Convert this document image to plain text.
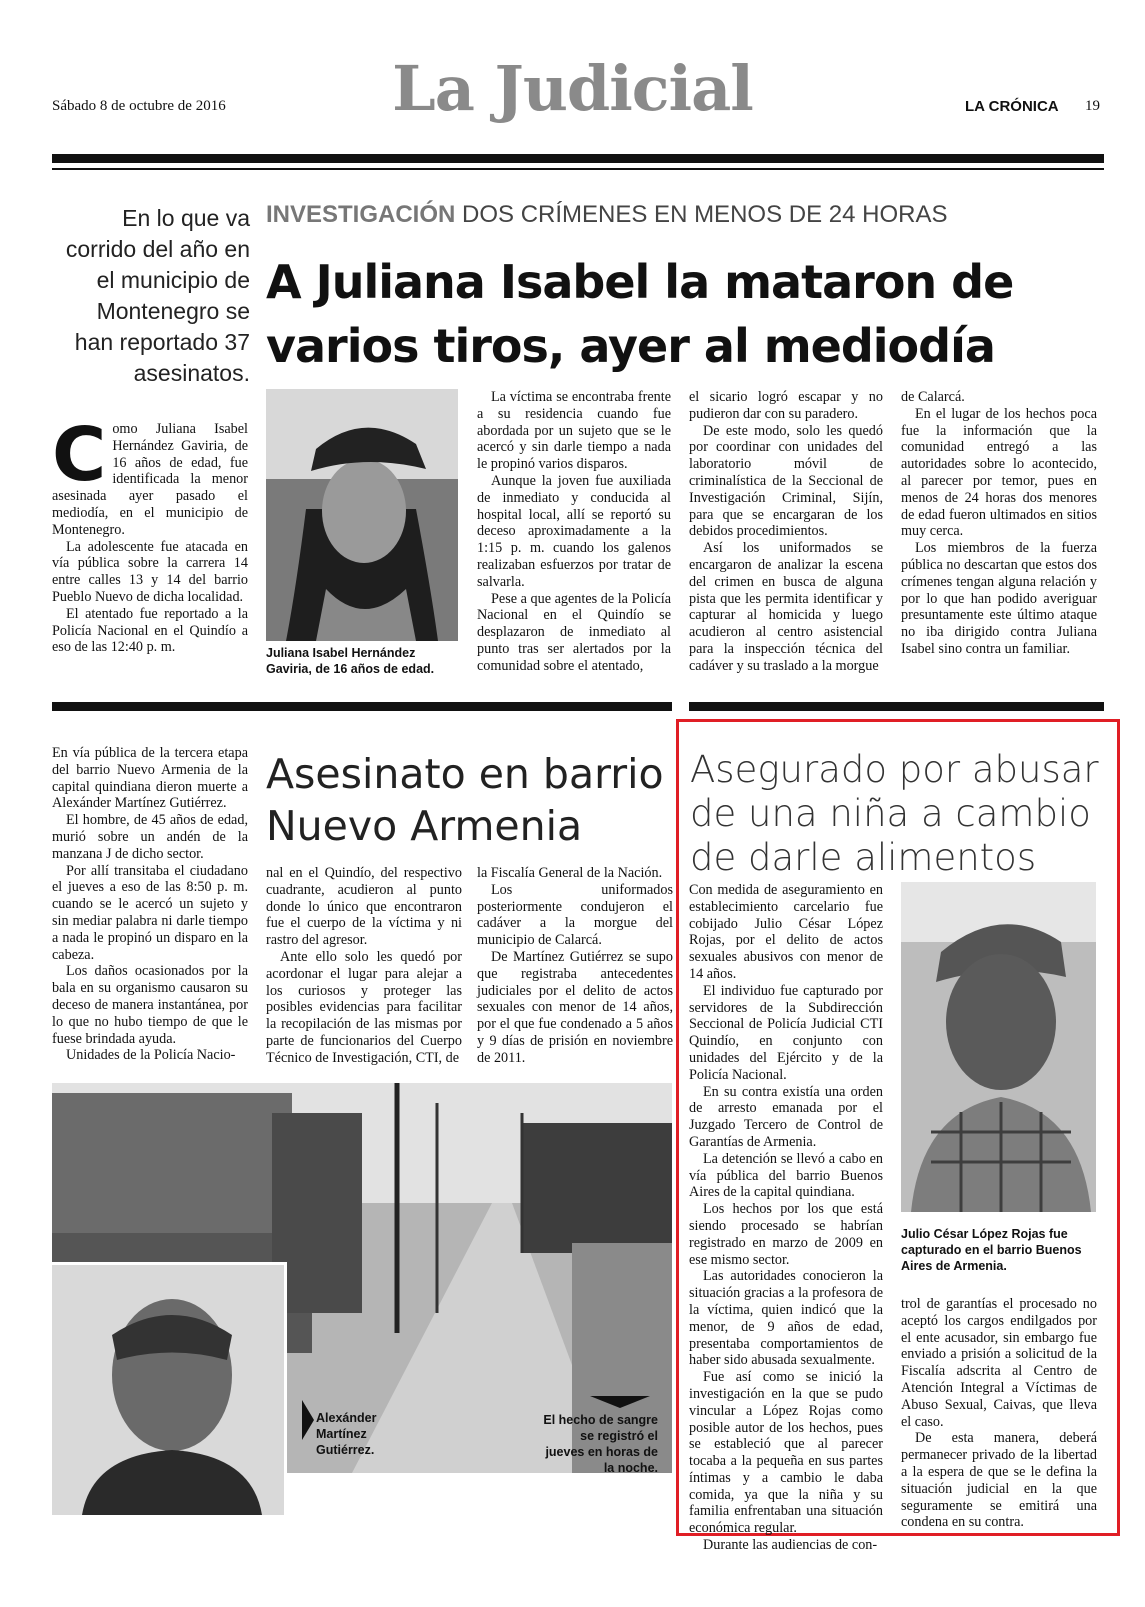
Sábado 8 de octubre de 2016	La Judicial	LA CRÓNICA 19
En lo que va corrido del año en el municipio de Montenegro se han reportado 37 asesinatos.
INVESTIGACIÓN DOS CRÍMENES EN MENOS DE 24 HORAS
A Juliana Isabel la mataron de varios tiros, ayer al mediodía
C omo Juliana Isabel Hernández Gaviria, de 16 años de edad, fue identificada la menor asesinada ayer pasado el mediodía, en el municipio de Montenegro.

La adolescente fue atacada en vía pública sobre la carrera 14 entre calles 13 y 14 del barrio Pueblo Nuevo de dicha localidad.

El atentado fue reportado a la Policía Nacional en el Quindío a eso de las 12:40 p. m.	Juliana Isabel Hernández Gaviria, de 16 años de edad.

La víctima se encontraba frente a su residencia cuando fue abordada por un sujeto que se le acercó y sin darle tiempo a nada le propinó varios disparos.

Aunque la joven fue auxiliada de inmediato y conducida al hospital local, allí se reportó su deceso aproximadamente a la 1:15 p. m. cuando los galenos realizaban esfuerzos por tratar de salvarla.

Pese a que agentes de la Policía Nacional en el Quindío se desplazaron de inmediato al punto tras ser alertados por la comunidad sobre el atentado,

el sicario logró escapar y no pudieron dar con su paradero.

De este modo, solo les quedó por coordinar con unidades del laboratorio móvil de criminalística de la Seccional de Investigación Criminal, Sijín, para que se encargaran de los debidos procedimientos.

Así los uniformados se encargaron de analizar la escena del crimen en busca de alguna pista que les permita identificar y capturar al homicida y luego acudieron al centro asistencial para la inspección técnica del cadáver y su traslado a la morgue

de Calarcá.

En el lugar de los hechos poca fue la información que la comunidad entregó a las autoridades sobre lo acontecido, al parecer por temor, pues en menos de 24 horas dos menores de edad fueron ultimados en sitios muy cerca.

Los miembros de la fuerza pública no descartan que estos dos crímenes tengan alguna relación y por lo que han podido averiguar presuntamente este último ataque no iba dirigido contra Juliana Isabel sino contra un familiar.

En vía pública de la tercera etapa del barrio Nuevo Armenia de la capital quindiana dieron muerte a Alexánder Martínez Gutiérrez.

El hombre, de 45 años de edad, murió sobre un andén de la manzana J de dicho sector.

Por allí transitaba el ciudadano el jueves a eso de las 8:50 p. m. cuando se le acercó un sujeto y sin mediar palabra ni darle tiempo a nada le propinó un disparo en la cabeza.

Los daños ocasionados por la bala en su organismo causaron su deceso de manera instantánea, por lo que no hubo tiempo de que le fuese brindada ayuda.

Unidades de la Policía Nacio-

Asesinato en barrio Nuevo Armenia

nal en el Quindío, del respectivo cuadrante, acudieron al punto donde lo único que encontraron fue el cuerpo de la víctima y ni rastro del agresor.

Ante ello solo les quedó por acordonar el lugar para alejar a los curiosos y proteger las posibles evidencias para facilitar la recopilación de las mismas por parte de funcionarios del Cuerpo Técnico de Investigación, CTI, de

la Fiscalía General de la Nación.

Los uniformados posteriormente condujeron el cadáver a la morgue del municipio de Calarcá.

De Martínez Gutiérrez se supo que registraba antecedentes judiciales por el delito de actos sexuales con menor de 14 años, por el que fue condenado a 5 años y 9 días de prisión en noviembre de 2011.

Alexánder Martínez Gutiérrez.
El hecho de sangre se registró el jueves en horas de la noche.
Asegurado por abusar de una niña a cambio de darle alimentos

Con medida de aseguramiento en establecimiento carcelario fue cobijado Julio César López Rojas, por el delito de actos sexuales abusivos con menor de 14 años.

El individuo fue capturado por servidores de la Subdirección Seccional de Policía Judicial CTI Quindío, en conjunto con unidades del Ejército y de la Policía Nacional.

En su contra existía una orden de arresto emanada por el Juzgado Tercero de Control de Garantías de Armenia.

La detención se llevó a cabo en vía pública del barrio Buenos Aires de la capital quindiana.

Los hechos por los que está siendo procesado se habrían registrado en marzo de 2009 en ese mismo sector.

Las autoridades conocieron la situación gracias a la profesora de la víctima, quien indicó que la menor, de 9 años de edad, presentaba comportamientos de haber sido abusada sexualmente.

Fue así como se inició la investigación en la que se pudo vincular a López Rojas como posible autor de los hechos, pues se estableció que al parecer tocaba a la pequeña en sus partes íntimas y a cambio le daba comida, ya que la niña y su familia enfrentaban una situación económica regular.

Durante las audiencias de con-

Julio César López Rojas fue capturado en el barrio Buenos Aires de Armenia.

trol de garantías el procesado no aceptó los cargos endilgados por el ente acusador, sin embargo fue enviado a prisión a solicitud de la Fiscalía adscrita al Centro de Atención Integral a Víctimas de Abuso Sexual, Caivas, que lleva el caso.

De esta manera, deberá permanecer privado de la libertad a la espera de que se le defina la situación judicial en la que seguramente se emitirá una condena en su contra.
